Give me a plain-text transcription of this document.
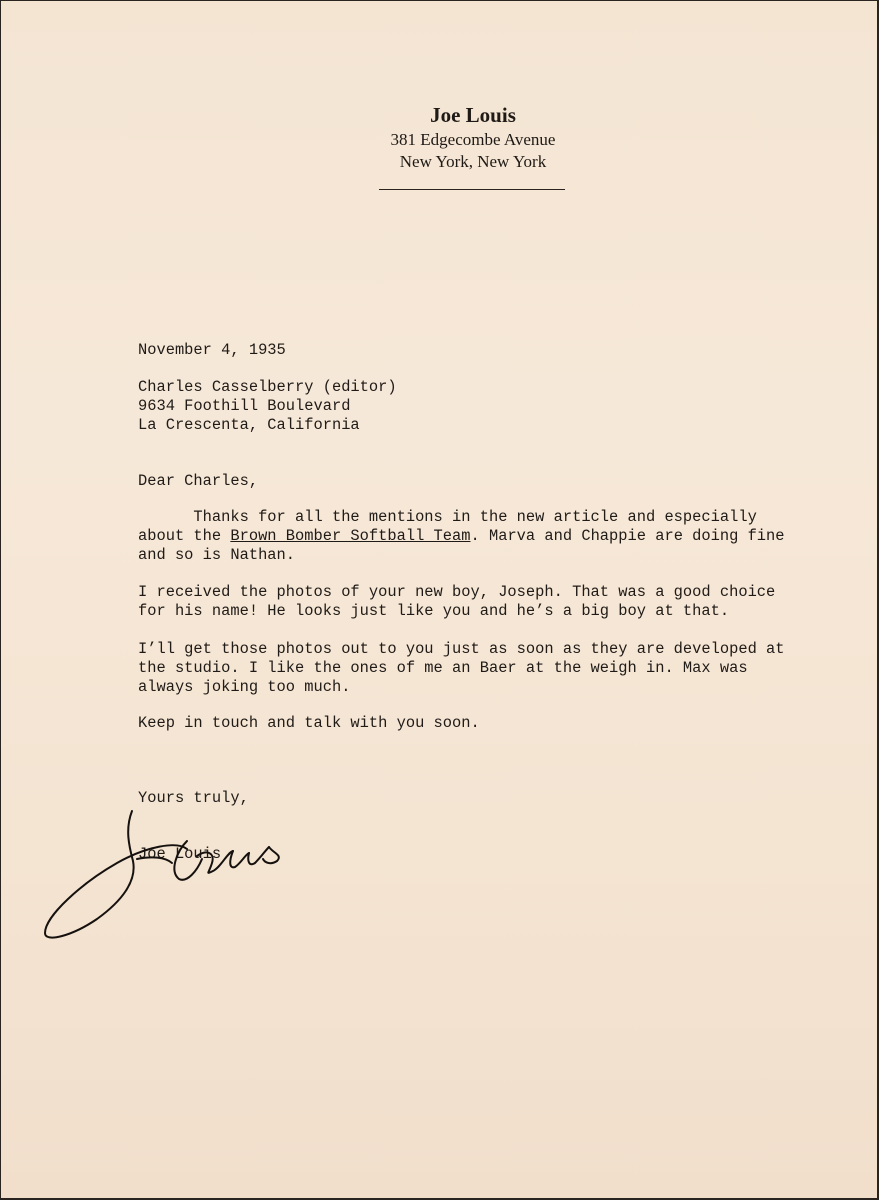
Joe Louis
381 Edgecombe Avenue
New York, New York
November 4, 1935
Charles Casselberry (editor)
9634 Foothill Boulevard
La Crescenta, California
Dear Charles,
Thanks for all the mentions in the new article and especially
about the Brown Bomber Softball Team. Marva and Chappie are doing fine
and so is Nathan.
I received the photos of your new boy, Joseph. That was a good choice
for his name! He looks just like you and he’s a big boy at that.
I’ll get those photos out to you just as soon as they are developed at
the studio. I like the ones of me an Baer at the weigh in. Max was
always joking too much.
Keep in touch and talk with you soon.
Yours truly,
Joe Louis
